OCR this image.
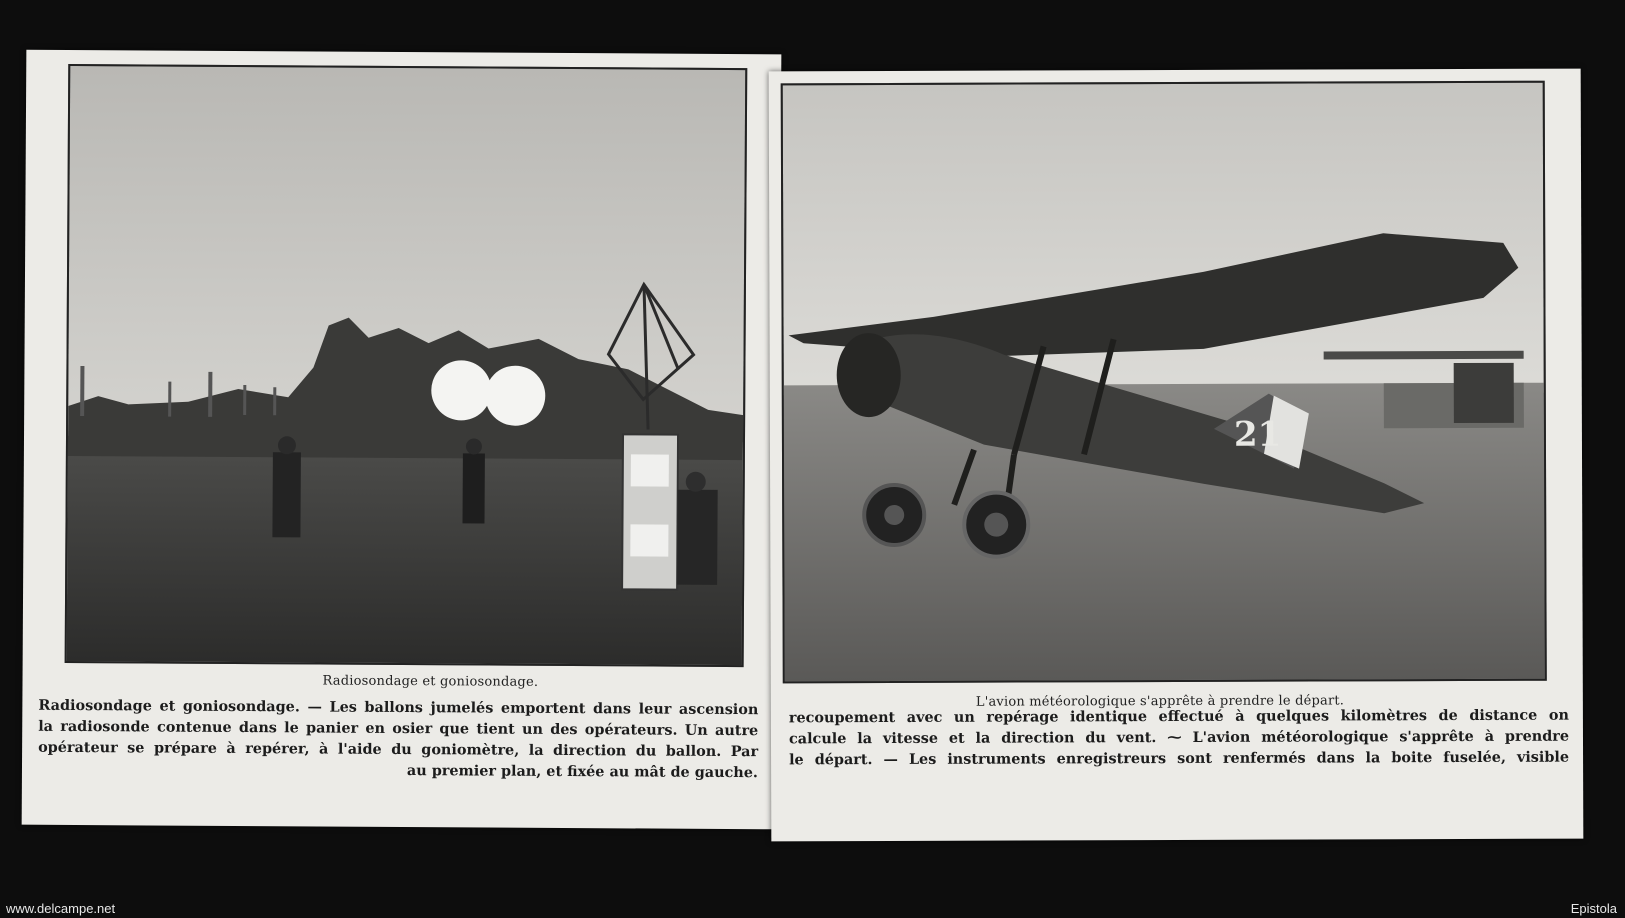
Radiosondage et goniosondage.
Radiosondage et goniosondage. — Les ballons jumelés emportent dans leur ascension
la radiosonde contenue dans le panier en osier que tient un des opérateurs. Un autre
opérateur se prépare à repérer, à l'aide du goniomètre, la direction du ballon. Par
au premier plan, et fixée au mât de gauche.
21
L'avion météorologique s'apprête à prendre le départ.
recoupement avec un repérage identique effectué à quelques kilomètres de distance on
calcule la vitesse et la direction du vent. ⁓ L'avion météorologique s'apprête à prendre
le départ. — Les instruments enregistreurs sont renfermés dans la boite fuselée, visible
www.delcampe.net	Epistola
